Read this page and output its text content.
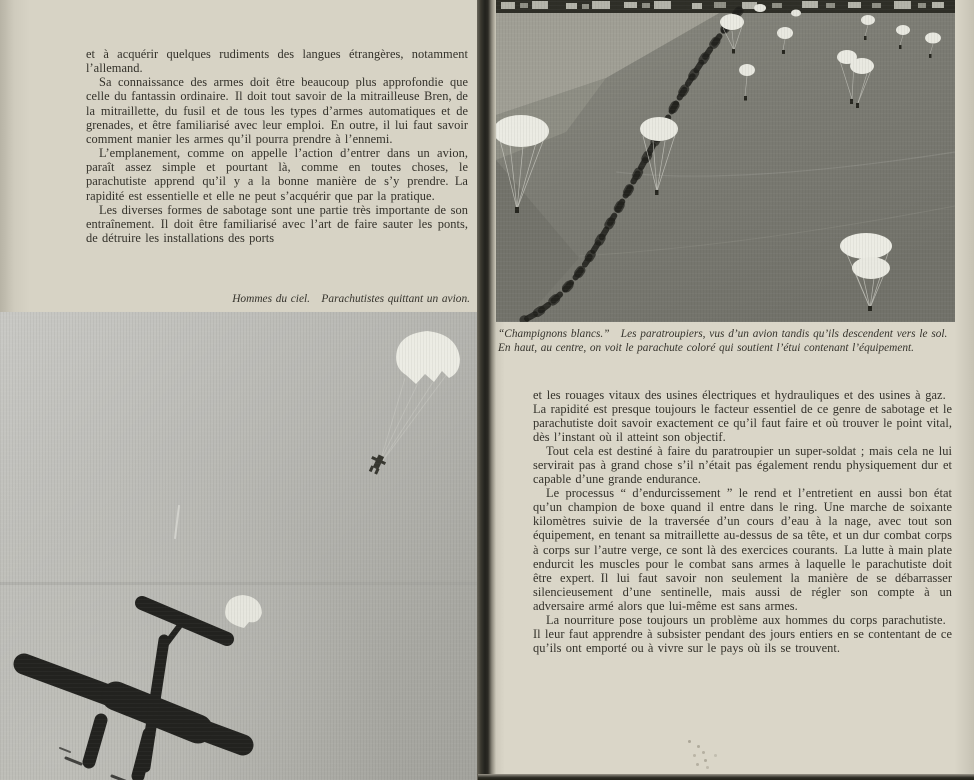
et à acquérir quelques rudiments des langues étrangères, notamment l’allemand.

Sa connaissance des armes doit être beaucoup plus approfondie que celle du fantassin ordinaire. Il doit tout savoir de la mitrailleuse Bren, de la mitraillette, du fusil et de tous les types d’armes automatiques et de grenades, et être familiarisé avec leur emploi. En outre, il lui faut savoir comment manier les armes qu’il pourra prendre à l’ennemi.

L’emplanement, comme on appelle l’action d’entrer dans un avion, paraît assez simple et pourtant là, comme en toutes choses, le parachutiste apprend qu’il y a la bonne manière de s’y prendre. La rapidité est essentielle et elle ne peut s’acquérir que par la pratique.

Les diverses formes de sabotage sont une partie très importante de son entraînement. Il doit être familiarisé avec l’art de faire sauter les ponts, de détruire les installations des ports

Hommes du ciel.  Parachutistes quittant un avion.
“Champignons blancs.”  Les paratroupiers, vus d’un avion tandis qu’ils descendent vers le sol. En haut, au centre, on voit le parachute coloré qui soutient l’étui contenant l’équipement.

et les rouages vitaux des usines électriques et hydrauliques et des usines à gaz. La rapidité est presque toujours le facteur essentiel de ce genre de sabotage et le parachutiste doit savoir exactement ce qu’il faut faire et où trouver le point vital, dès l’instant où il atteint son objectif.

Tout cela est destiné à faire du paratroupier un super-soldat ; mais cela ne lui servirait pas à grand chose s’il n’était pas également rendu physiquement dur et capable d’une grande endurance.

Le processus “ d’endurcissement ” le rend et l’entretient en aussi bon état qu’un champion de boxe quand il entre dans le ring. Une marche de soixante kilomètres suivie de la traversée d’un cours d’eau à la nage, avec tout son équipement, en tenant sa mitraillette au-dessus de sa tête, et un dur combat corps à corps sur l’autre verge, ce sont là des exercices courants. La lutte à main plate endurcit les muscles pour le combat sans armes à laquelle le parachutiste doit être expert. Il lui faut savoir non seulement la manière de se débarrasser silencieusement d’une sentinelle, mais aussi de régler son compte à un adversaire armé alors que lui-même est sans armes.

La nourriture pose toujours un problème aux hommes du corps parachutiste. Il leur faut apprendre à subsister pendant des jours entiers en se contentant de ce qu’ils ont emporté ou à vivre sur le pays où ils se trouvent.
